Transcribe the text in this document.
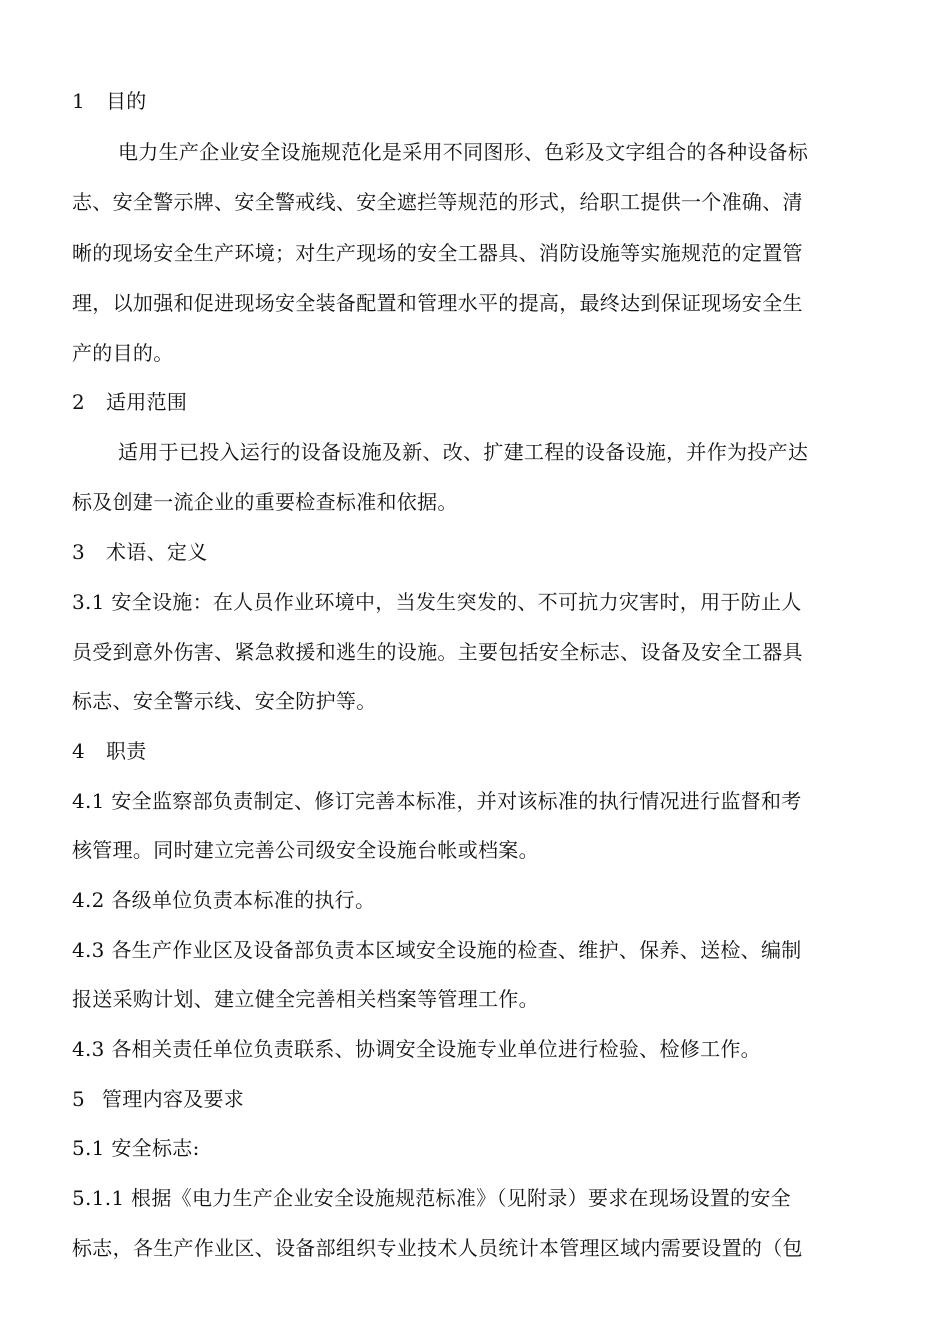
1 目的
电力生产企业安全设施规范化是采用不同图形、色彩及文字组合的各种设备标
志、安全警示牌、安全警戒线、安全遮拦等规范的形式，给职工提供一个准确、清
晰的现场安全生产环境；对生产现场的安全工器具、消防设施等实施规范的定置管
理，以加强和促进现场安全装备配置和管理水平的提高，最终达到保证现场安全生
产的目的。
2 适用范围
适用于已投入运行的设备设施及新、改、扩建工程的设备设施，并作为投产达
标及创建一流企业的重要检查标准和依据。
3 术语、定义
3.1 安全设施：在人员作业环境中，当发生突发的、不可抗力灾害时，用于防止人
员受到意外伤害、紧急救援和逃生的设施。主要包括安全标志、设备及安全工器具
标志、安全警示线、安全防护等。
4 职责
4.1 安全监察部负责制定、修订完善本标准，并对该标准的执行情况进行监督和考
核管理。同时建立完善公司级安全设施台帐或档案。
4.2 各级单位负责本标准的执行。
4.3 各生产作业区及设备部负责本区域安全设施的检查、维护、保养、送检、编制
报送采购计划、建立健全完善相关档案等管理工作。
4.3 各相关责任单位负责联系、协调安全设施专业单位进行检验、检修工作。
5 管理内容及要求
5.1 安全标志:
5.1.1 根据《电力生产企业安全设施规范标准》（见附录）要求在现场设置的安全
标志，各生产作业区、设备部组织专业技术人员统计本管理区域内需要设置的（包
